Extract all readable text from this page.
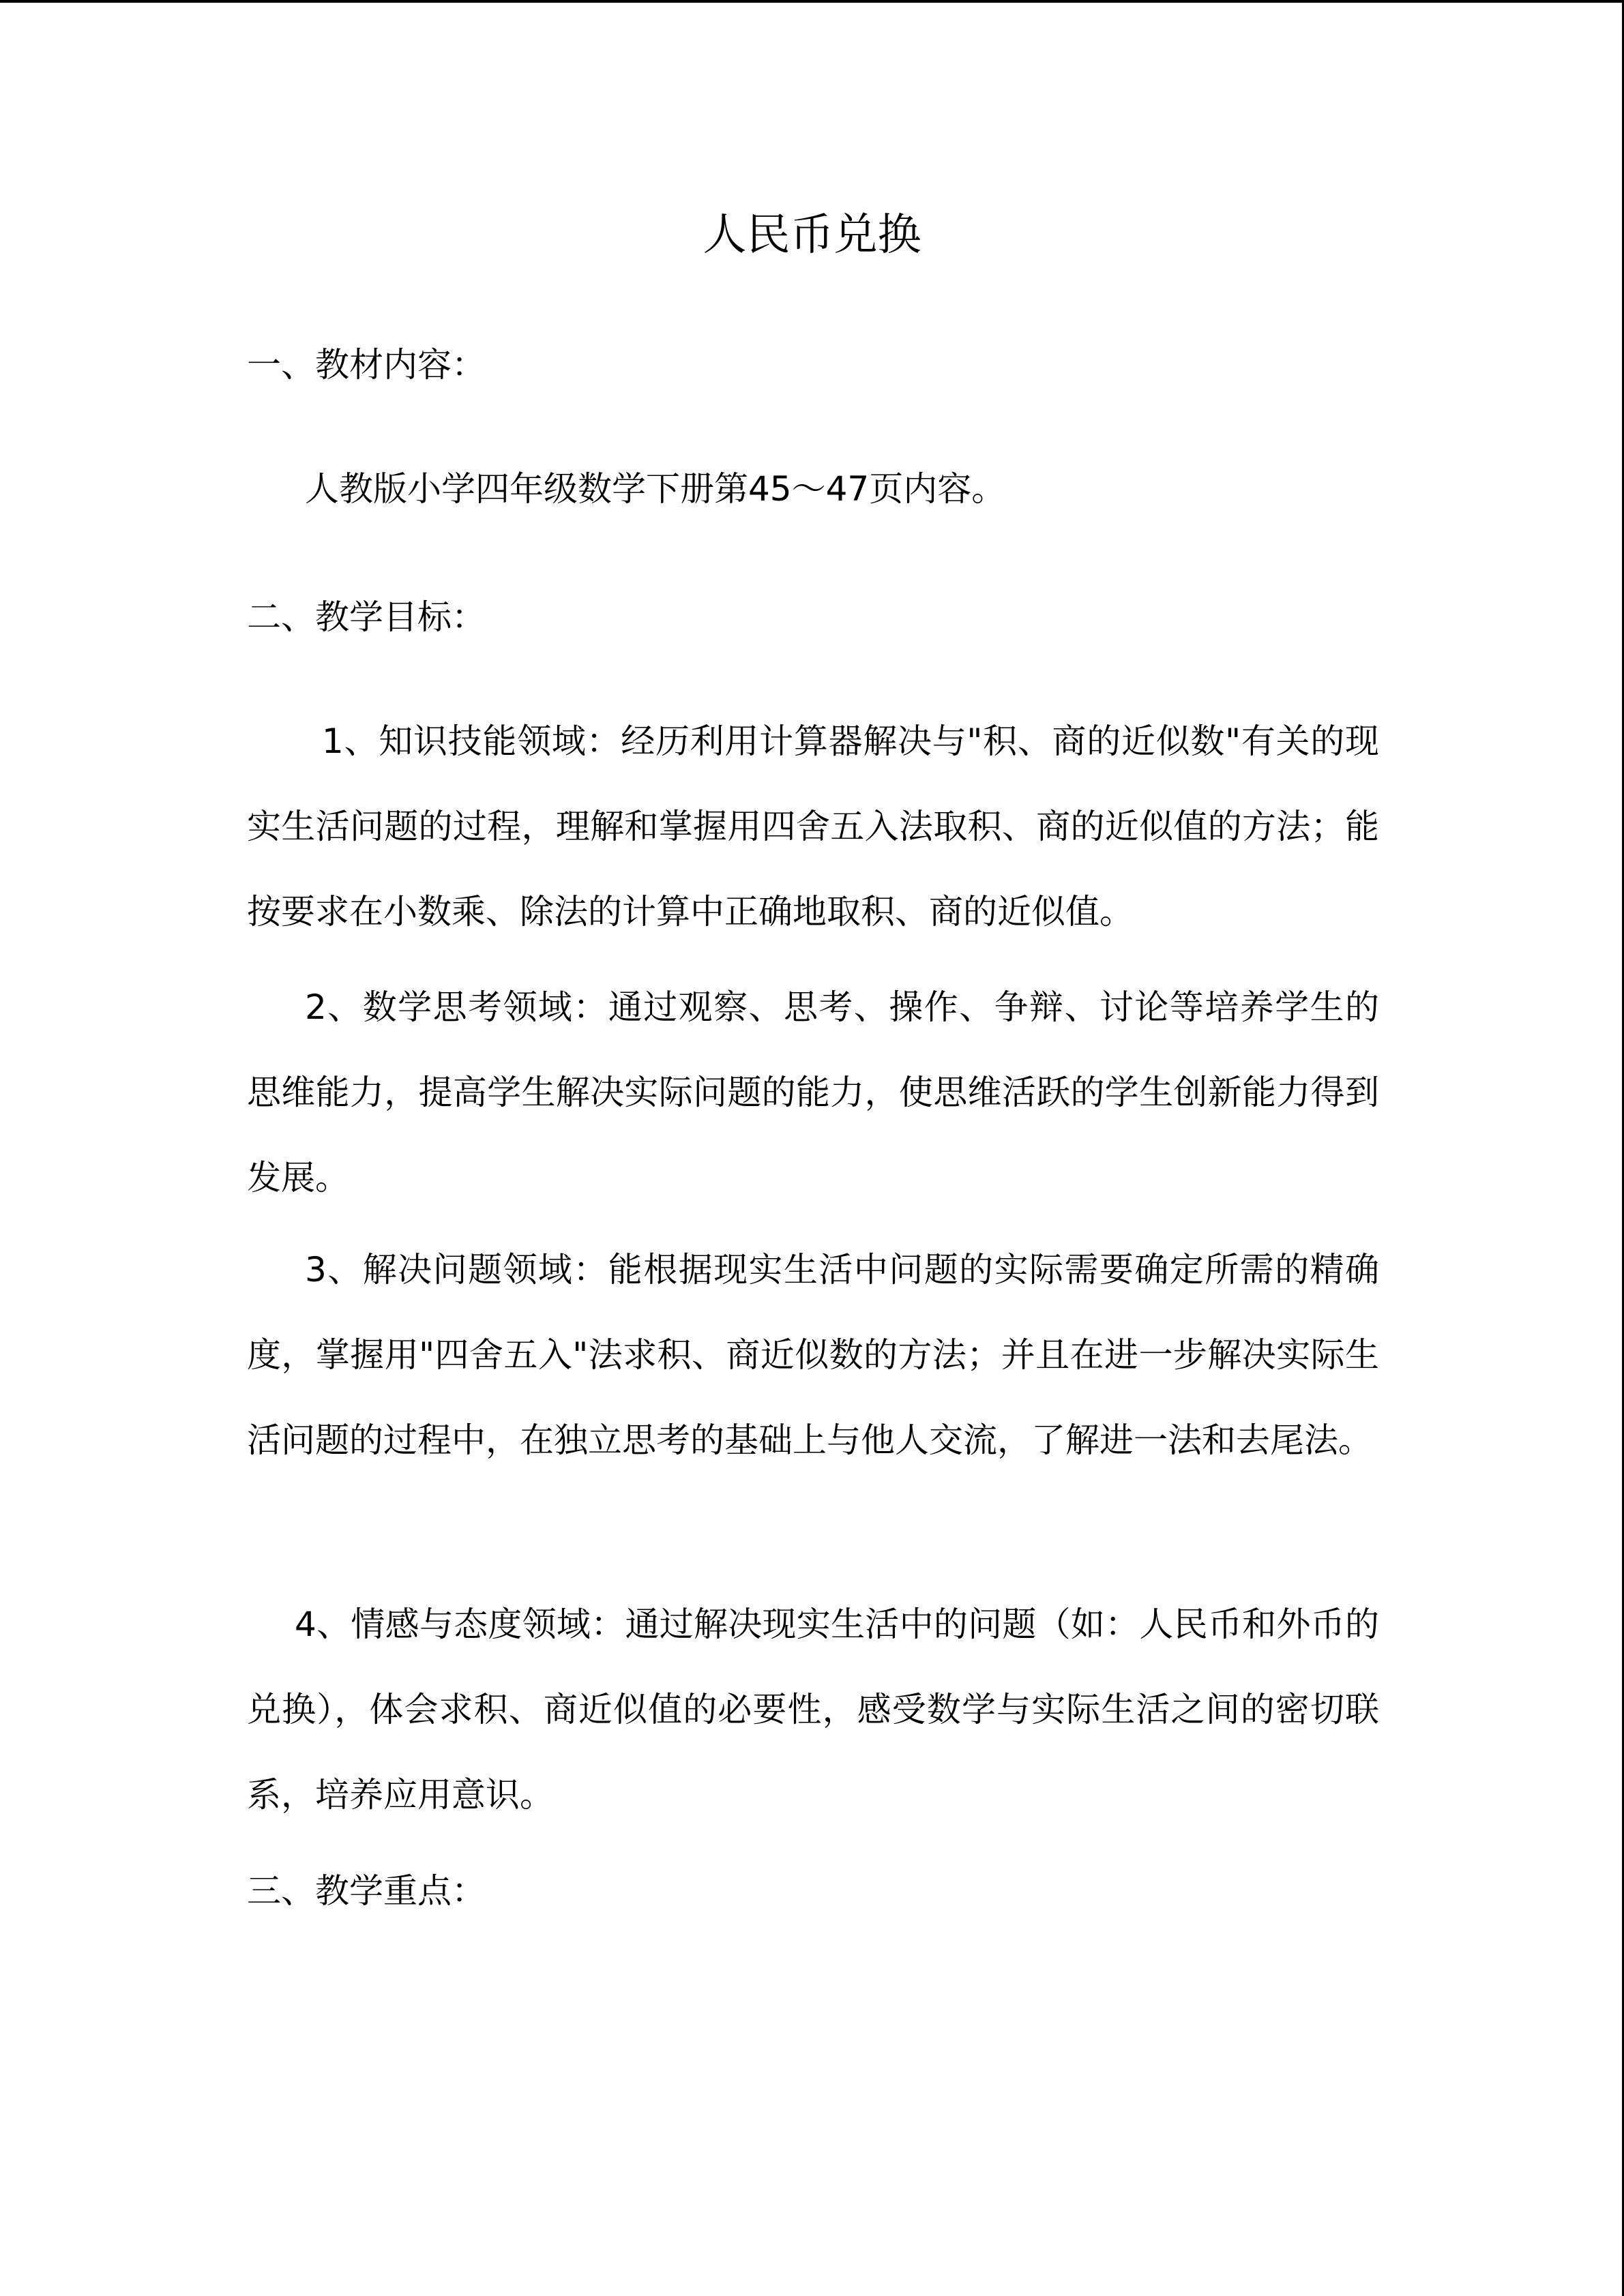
人民币兑换
一、教材内容：

人教版小学四年级数学下册第45～47页内容。

二、教学目标：

1、知识技能领域：经历利用计算器解决与"积、商的近似数"有关的现实生活问题的过程，理解和掌握用四舍五入法取积、商的近似值的方法；能按要求在小数乘、除法的计算中正确地取积、商的近似值。

2、数学思考领域：通过观察、思考、操作、争辩、讨论等培养学生的思维能力，提高学生解决实际问题的能力，使思维活跃的学生创新能力得到发展。

3、解决问题领域：能根据现实生活中问题的实际需要确定所需的精确度，掌握用"四舍五入"法求积、商近似数的方法；并且在进一步解决实际生活问题的过程中，在独立思考的基础上与他人交流，了解进一法和去尾法。

4、情感与态度领域：通过解决现实生活中的问题（如：人民币和外币的兑换），体会求积、商近似值的必要性，感受数学与实际生活之间的密切联系，培养应用意识。

三、教学重点：
